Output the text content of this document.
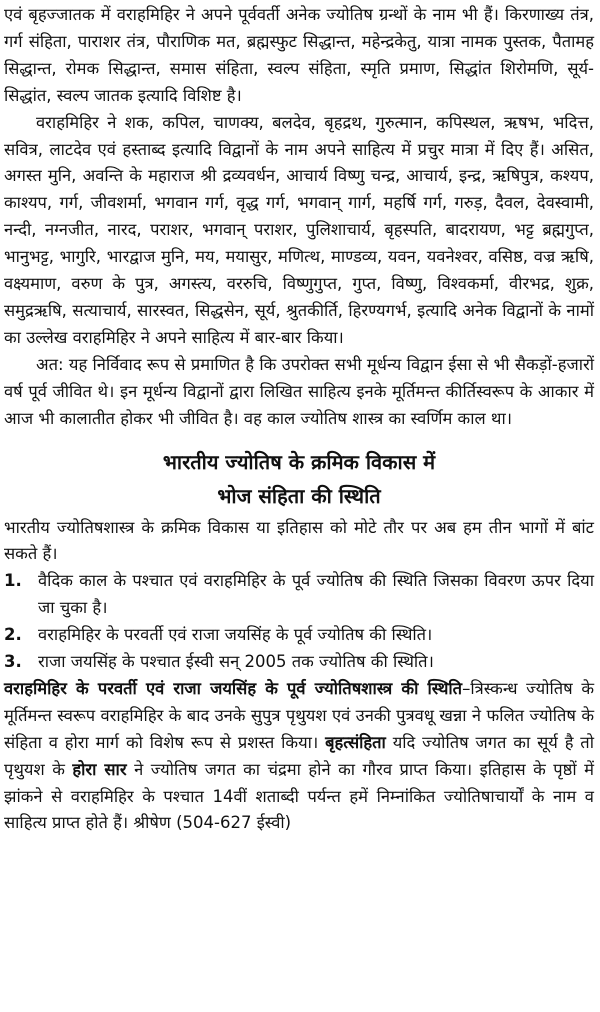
एवं बृहज्जातक में वराहमिहिर ने अपने पूर्ववर्ती अनेक ज्योतिष ग्रन्थों के नाम भी हैं। किरणाख्य तंत्र, गर्ग संहिता, पाराशर तंत्र, पौराणिक मत, ब्रह्मस्फुट सिद्धान्त, महेन्द्रकेतु, यात्रा नामक पुस्तक, पैतामह सिद्धान्त, रोमक सिद्धान्त, समास संहिता, स्वल्प संहिता, स्मृति प्रमाण, सिद्धांत शिरोमणि, सूर्य-सिद्धांत, स्वल्प जातक इत्यादि विशिष्ट है।

वराहमिहिर ने शक, कपिल, चाणक्य, बलदेव, बृहद्रथ, गुरुत्मान, कपिस्थल, ऋषभ, भदित्त, सवित्र, लाटदेव एवं हस्ताब्द इत्यादि विद्वानों के नाम अपने साहित्य में प्रचुर मात्रा में दिए हैं। असित, अगस्त मुनि, अवन्ति के महाराज श्री द्रव्यवर्धन, आचार्य विष्णु चन्द्र, आचार्य, इन्द्र, ऋषिपुत्र, कश्यप, काश्यप, गर्ग, जीवशर्मा, भगवान गर्ग, वृद्ध गर्ग, भगवान् गार्ग, महर्षि गर्ग, गरुड़, दैवल, देवस्वामी, नन्दी, नग्नजीत, नारद, पराशर, भगवान् पराशर, पुलिशाचार्य, बृहस्पति, बादरायण, भट्ट ब्रह्मगुप्त, भानुभट्ट, भागुरि, भारद्वाज मुनि, मय, मयासुर, मणित्थ, माण्डव्य, यवन, यवनेश्वर, वसिष्ठ, वज्र ऋषि, वक्ष्यमाण, वरुण के पुत्र, अगस्त्य, वररुचि, विष्णुगुप्त, गुप्त, विष्णु, विश्वकर्मा, वीरभद्र, शुक्र, समुद्रऋषि, सत्याचार्य, सारस्वत, सिद्धसेन, सूर्य, श्रुतकीर्ति, हिरण्यगर्भ, इत्यादि अनेक विद्वानों के नामों का उल्लेख वराहमिहिर ने अपने साहित्य में बार-बार किया।

अत: यह निर्विवाद रूप से प्रमाणित है कि उपरोक्त सभी मूर्धन्य विद्वान ईसा से भी सैकड़ों-हजारों वर्ष पूर्व जीवित थे। इन मूर्धन्य विद्वानों द्वारा लिखित साहित्य इनके मूर्तिमन्त कीर्तिस्वरूप के आकार में आज भी कालातीत होकर भी जीवित है। वह काल ज्योतिष शास्त्र का स्वर्णिम काल था।

भारतीय ज्योतिष के क्रमिक विकास में
भोज संहिता की स्थिति

भारतीय ज्योतिषशास्त्र के क्रमिक विकास या इतिहास को मोटे तौर पर अब हम तीन भागों में बांट सकते हैं।

1. वैदिक काल के पश्चात एवं वराहमिहिर के पूर्व ज्योतिष की स्थिति जिसका विवरण ऊपर दिया जा चुका है।
2. वराहमिहिर के परवर्ती एवं राजा जयसिंह के पूर्व ज्योतिष की स्थिति।
3. राजा जयसिंह के पश्चात ईस्वी सन् 2005 तक ज्योतिष की स्थिति।

वराहमिहिर के परवर्ती एवं राजा जयसिंह के पूर्व ज्योतिषशास्त्र की स्थिति–त्रिस्कन्ध ज्योतिष के मूर्तिमन्त स्वरूप वराहमिहिर के बाद उनके सुपुत्र पृथुयश एवं उनकी पुत्रवधू खन्ना ने फलित ज्योतिष के संहिता व होरा मार्ग को विशेष रूप से प्रशस्त किया। बृहत्संहिता यदि ज्योतिष जगत का सूर्य है तो पृथुयश के होरा सार ने ज्योतिष जगत का चंद्रमा होने का गौरव प्राप्त किया। इतिहास के पृष्ठों में झांकने से वराहमिहिर के पश्चात 14वीं शताब्दी पर्यन्त हमें निम्नांकित ज्योतिषाचार्यों के नाम व साहित्य प्राप्त होते हैं। श्रीषेण (504-627 ईस्वी)
